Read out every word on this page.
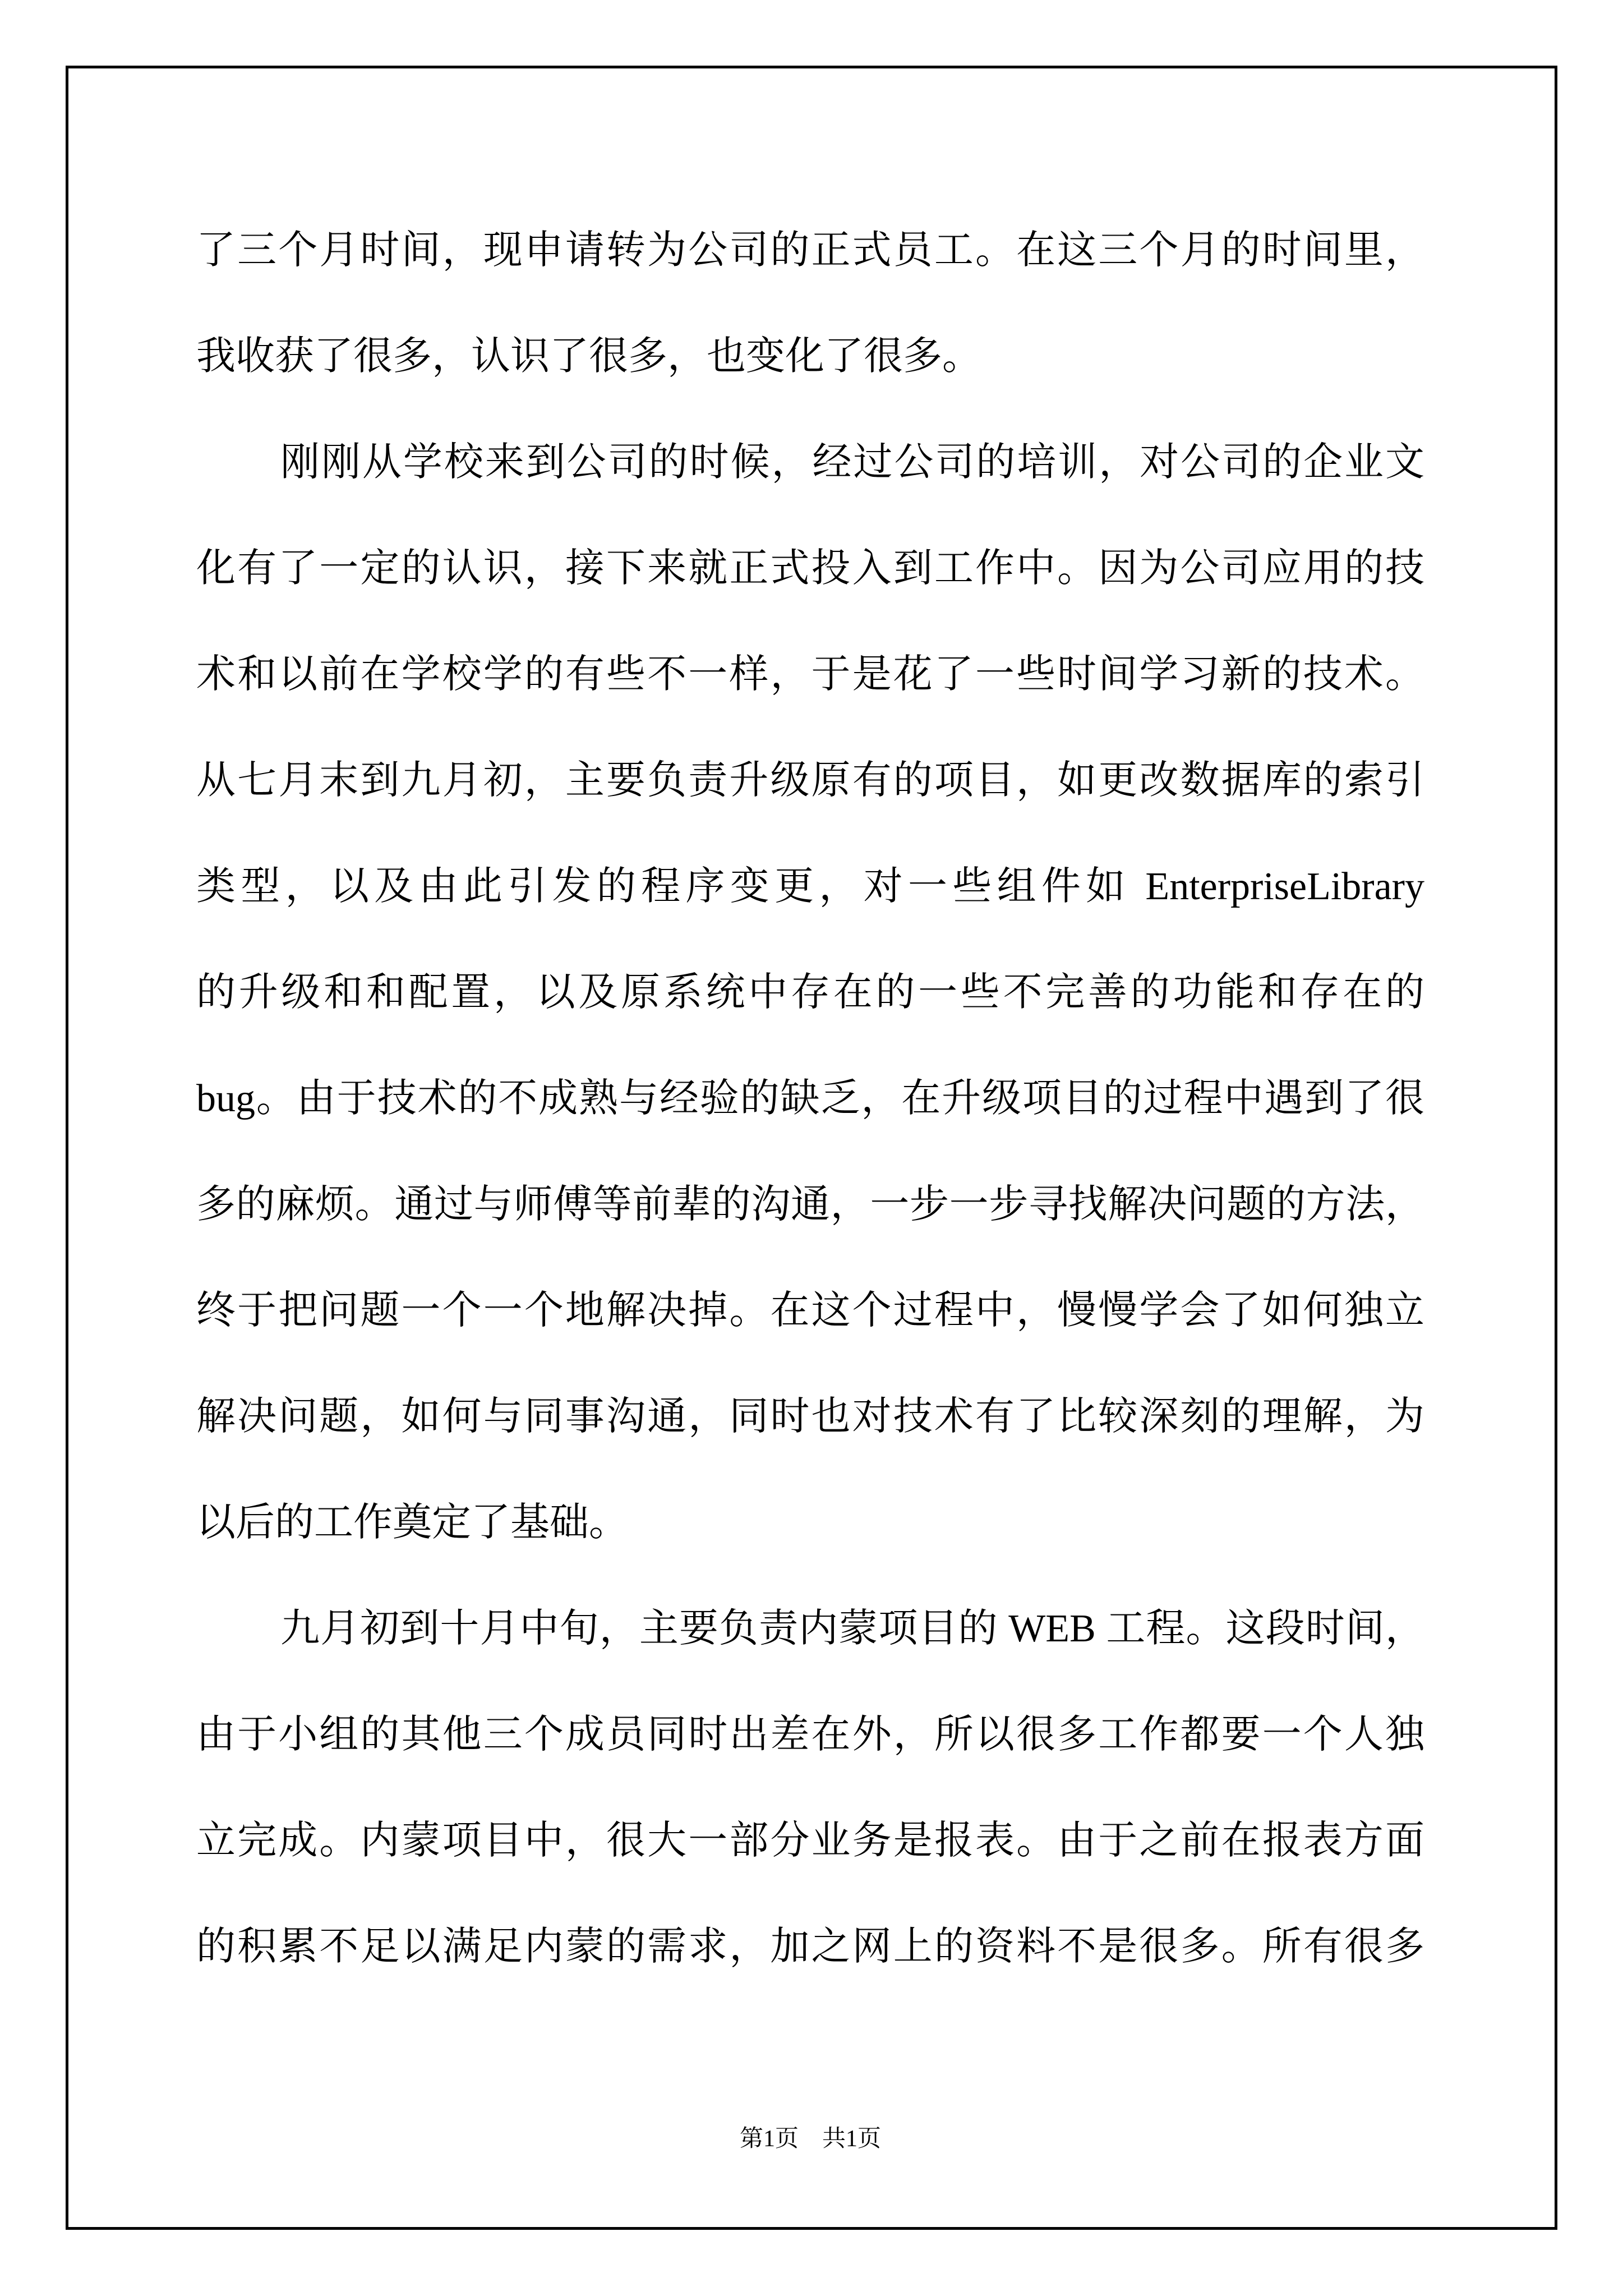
了三个月时间，现申请转为公司的正式员工。在这三个月的时间里，
我收获了很多，认识了很多，也变化了很多。
刚刚从学校来到公司的时候，经过公司的培训，对公司的企业文
化有了一定的认识，接下来就正式投入到工作中。因为公司应用的技
术和以前在学校学的有些不一样，于是花了一些时间学习新的技术。
从七月末到九月初，主要负责升级原有的项目，如更改数据库的索引
类型，以及由此引发的程序变更，对一些组件如 EnterpriseLibrary
的升级和和配置，以及原系统中存在的一些不完善的功能和存在的
bug。由于技术的不成熟与经验的缺乏，在升级项目的过程中遇到了很
多的麻烦。通过与师傅等前辈的沟通，一步一步寻找解决问题的方法，
终于把问题一个一个地解决掉。在这个过程中，慢慢学会了如何独立
解决问题，如何与同事沟通，同时也对技术有了比较深刻的理解，为
以后的工作奠定了基础。
九月初到十月中旬，主要负责内蒙项目的 WEB 工程。这段时间，
由于小组的其他三个成员同时出差在外，所以很多工作都要一个人独
立完成。内蒙项目中，很大一部分业务是报表。由于之前在报表方面
的积累不足以满足内蒙的需求，加之网上的资料不是很多。所有很多
第1页　共1页
